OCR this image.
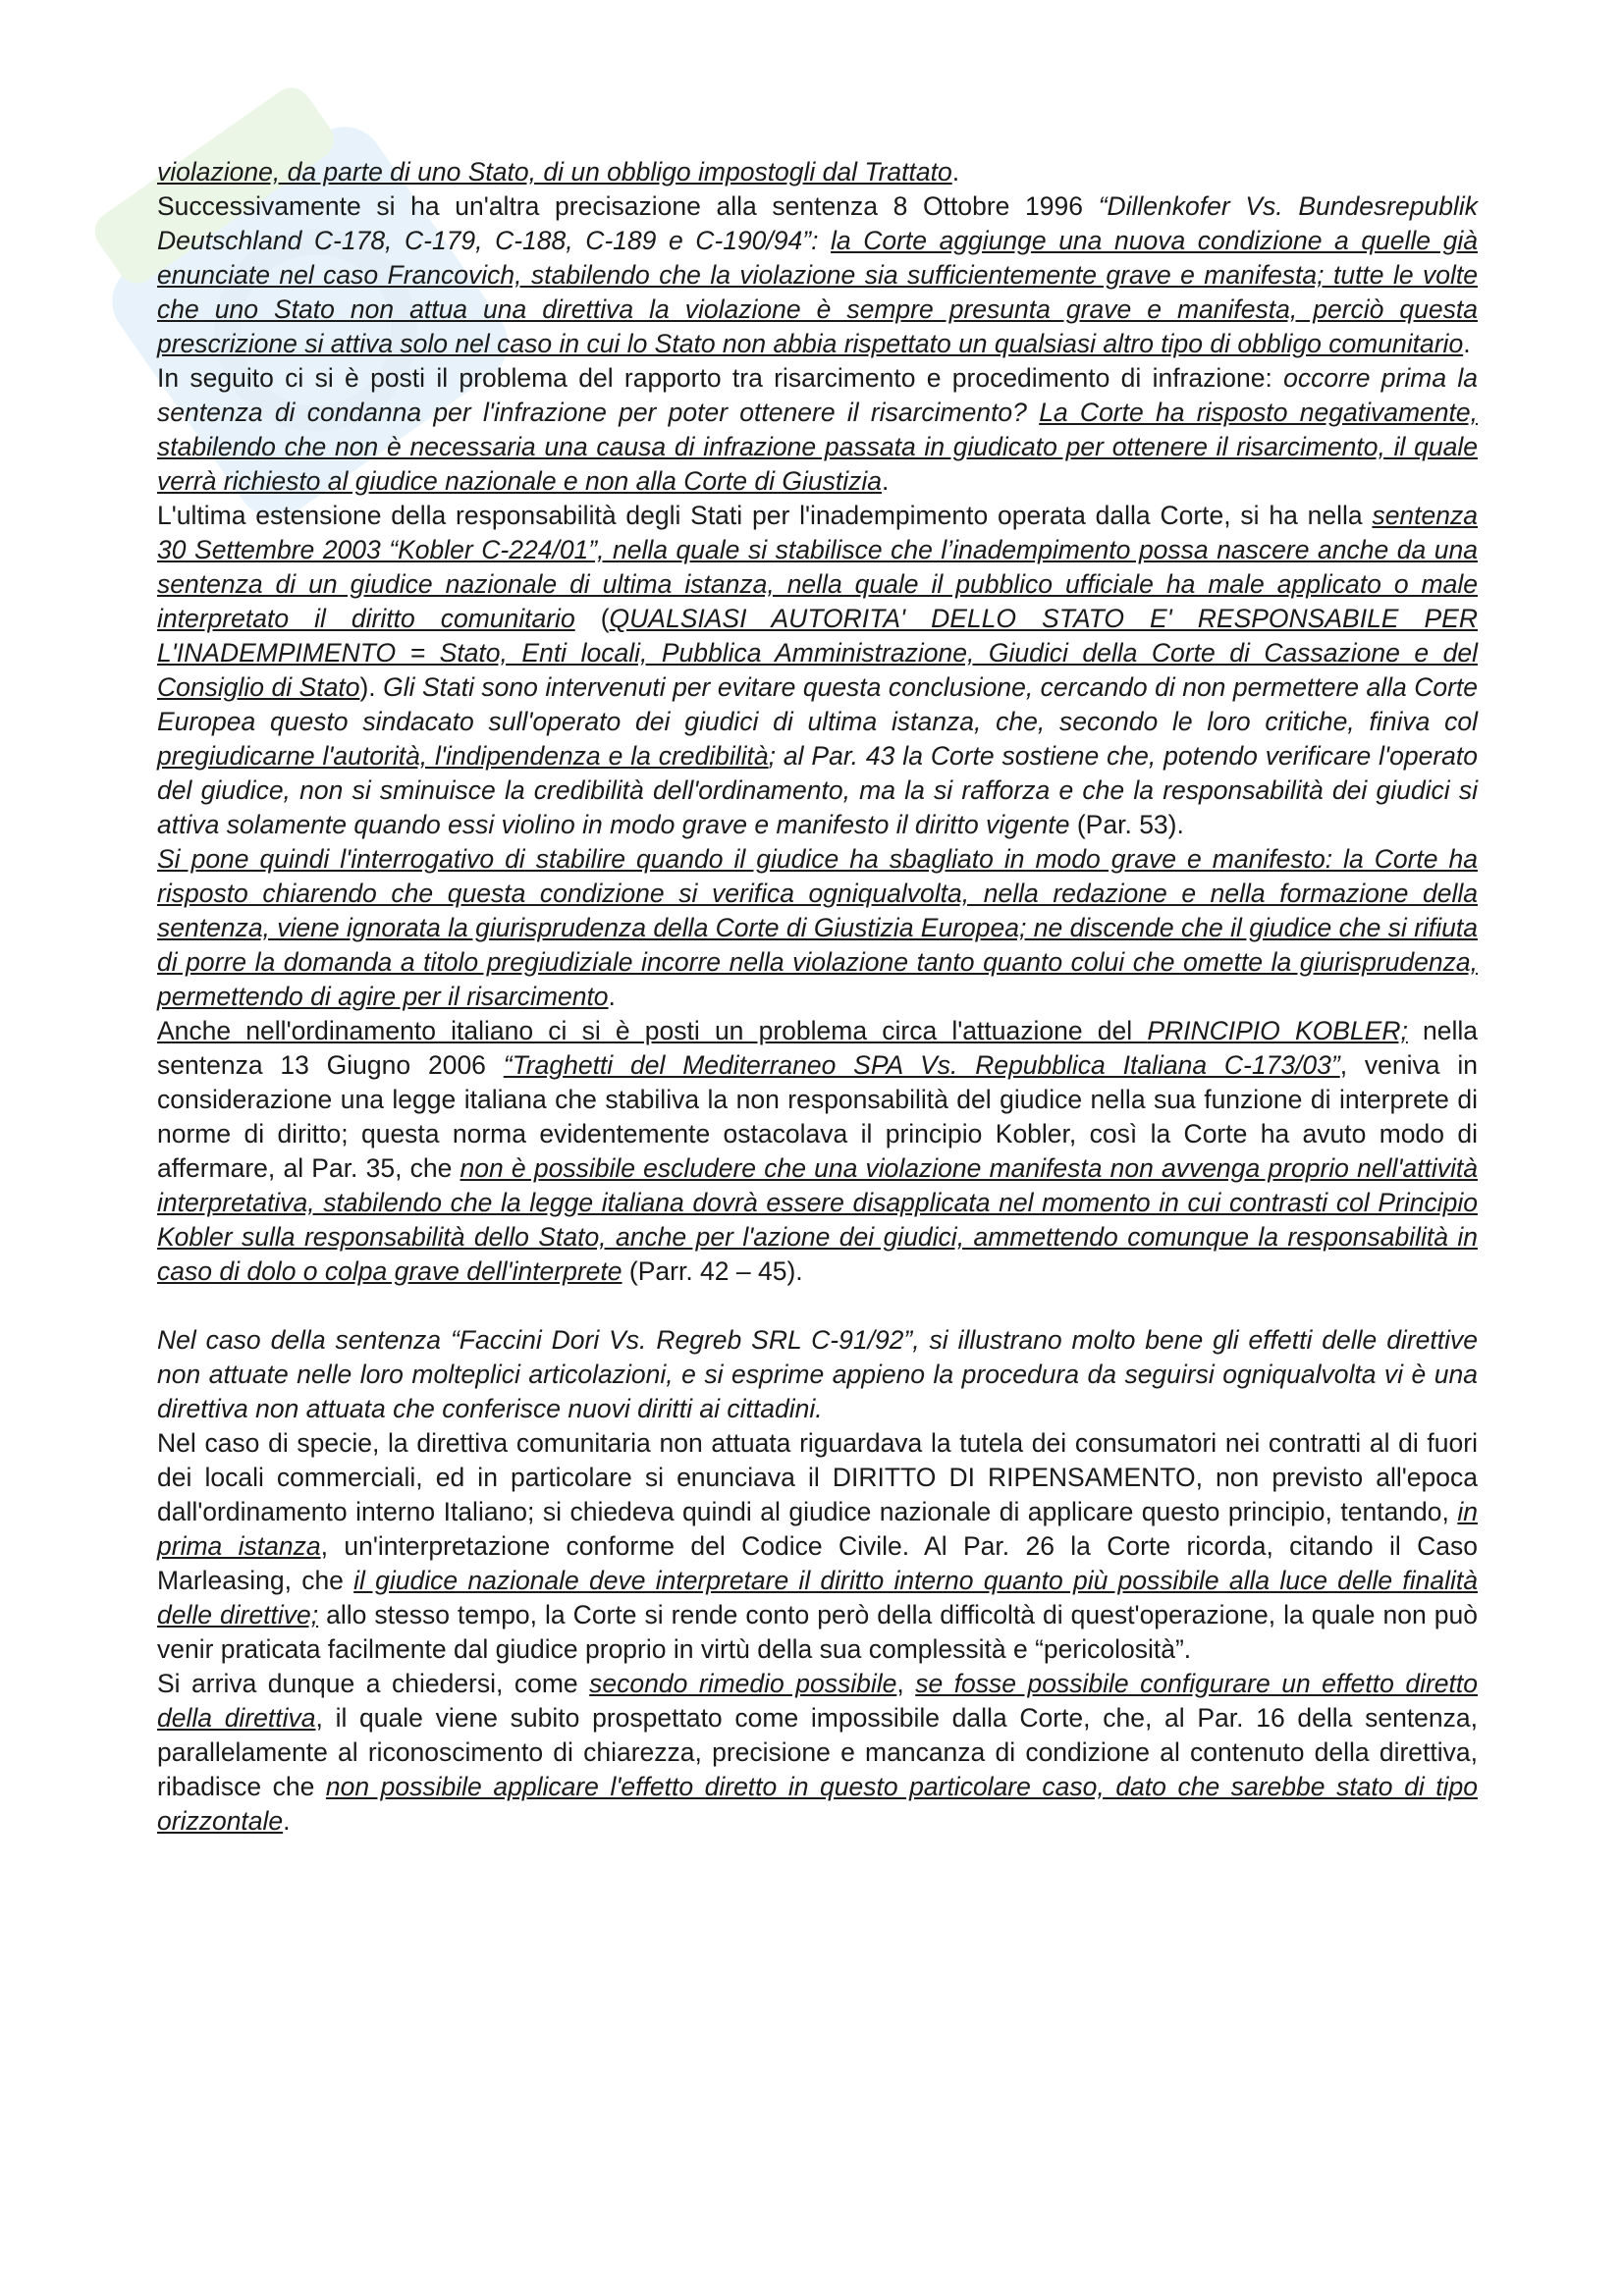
violazione, da parte di uno Stato, di un obbligo impostogli dal Trattato.

Successivamente si ha un'altra precisazione alla sentenza 8 Ottobre 1996 “Dillenkofer Vs. Bundesrepublik Deutschland C-178, C-179, C-188, C-189 e C-190/94”: la Corte aggiunge una nuova condizione a quelle già enunciate nel caso Francovich, stabilendo che la violazione sia sufficientemente grave e manifesta; tutte le volte che uno Stato non attua una direttiva la violazione è sempre presunta grave e manifesta, perciò questa prescrizione si attiva solo nel caso in cui lo Stato non abbia rispettato un qualsiasi altro tipo di obbligo comunitario.

In seguito ci si è posti il problema del rapporto tra risarcimento e procedimento di infrazione: occorre prima la sentenza di condanna per l'infrazione per poter ottenere il risarcimento? La Corte ha risposto negativamente, stabilendo che non è necessaria una causa di infrazione passata in giudicato per ottenere il risarcimento, il quale verrà richiesto al giudice nazionale e non alla Corte di Giustizia.

L'ultima estensione della responsabilità degli Stati per l'inadempimento operata dalla Corte, si ha nella sentenza 30 Settembre 2003 “Kobler C-224/01”, nella quale si stabilisce che l’inadempimento possa nascere anche da una sentenza di un giudice nazionale di ultima istanza, nella quale il pubblico ufficiale ha male applicato o male interpretato il diritto comunitario (QUALSIASI AUTORITA' DELLO STATO E' RESPONSABILE PER L'INADEMPIMENTO = Stato, Enti locali, Pubblica Amministrazione, Giudici della Corte di Cassazione e del Consiglio di Stato). Gli Stati sono intervenuti per evitare questa conclusione, cercando di non permettere alla Corte Europea questo sindacato sull'operato dei giudici di ultima istanza, che, secondo le loro critiche, finiva col pregiudicarne l'autorità, l'indipendenza e la credibilità; al Par. 43 la Corte sostiene che, potendo verificare l'operato del giudice, non si sminuisce la credibilità dell'ordinamento, ma la si rafforza e che la responsabilità dei giudici si attiva solamente quando essi violino in modo grave e manifesto il diritto vigente (Par. 53).

Si pone quindi l'interrogativo di stabilire quando il giudice ha sbagliato in modo grave e manifesto: la Corte ha risposto chiarendo che questa condizione si verifica ogniqualvolta, nella redazione e nella formazione della sentenza, viene ignorata la giurisprudenza della Corte di Giustizia Europea; ne discende che il giudice che si rifiuta di porre la domanda a titolo pregiudiziale incorre nella violazione tanto quanto colui che omette la giurisprudenza, permettendo di agire per il risarcimento.

Anche nell'ordinamento italiano ci si è posti un problema circa l'attuazione del PRINCIPIO KOBLER; nella sentenza 13 Giugno 2006 “Traghetti del Mediterraneo SPA Vs. Repubblica Italiana C-173/03”, veniva in considerazione una legge italiana che stabiliva la non responsabilità del giudice nella sua funzione di interprete di norme di diritto; questa norma evidentemente ostacolava il principio Kobler, così la Corte ha avuto modo di affermare, al Par. 35, che non è possibile escludere che una violazione manifesta non avvenga proprio nell'attività interpretativa, stabilendo che la legge italiana dovrà essere disapplicata nel momento in cui contrasti col Principio Kobler sulla responsabilità dello Stato, anche per l'azione dei giudici, ammettendo comunque la responsabilità in caso di dolo o colpa grave dell'interprete (Parr. 42 – 45).

Nel caso della sentenza “Faccini Dori Vs. Regreb SRL C-91/92”, si illustrano molto bene gli effetti delle direttive non attuate nelle loro molteplici articolazioni, e si esprime appieno la procedura da seguirsi ogniqualvolta vi è una direttiva non attuata che conferisce nuovi diritti ai cittadini.

Nel caso di specie, la direttiva comunitaria non attuata riguardava la tutela dei consumatori nei contratti al di fuori dei locali commerciali, ed in particolare si enunciava il DIRITTO DI RIPENSAMENTO, non previsto all'epoca dall'ordinamento interno Italiano; si chiedeva quindi al giudice nazionale di applicare questo principio, tentando, in prima istanza, un'interpretazione conforme del Codice Civile. Al Par. 26 la Corte ricorda, citando il Caso Marleasing, che il giudice nazionale deve interpretare il diritto interno quanto più possibile alla luce delle finalità delle direttive; allo stesso tempo, la Corte si rende conto però della difficoltà di quest'operazione, la quale non può venir praticata facilmente dal giudice proprio in virtù della sua complessità e “pericolosità”.

Si arriva dunque a chiedersi, come secondo rimedio possibile, se fosse possibile configurare un effetto diretto della direttiva, il quale viene subito prospettato come impossibile dalla Corte, che, al Par. 16 della sentenza, parallelamente al riconoscimento di chiarezza, precisione e mancanza di condizione al contenuto della direttiva, ribadisce che non possibile applicare l'effetto diretto in questo particolare caso, dato che sarebbe stato di tipo orizzontale.
